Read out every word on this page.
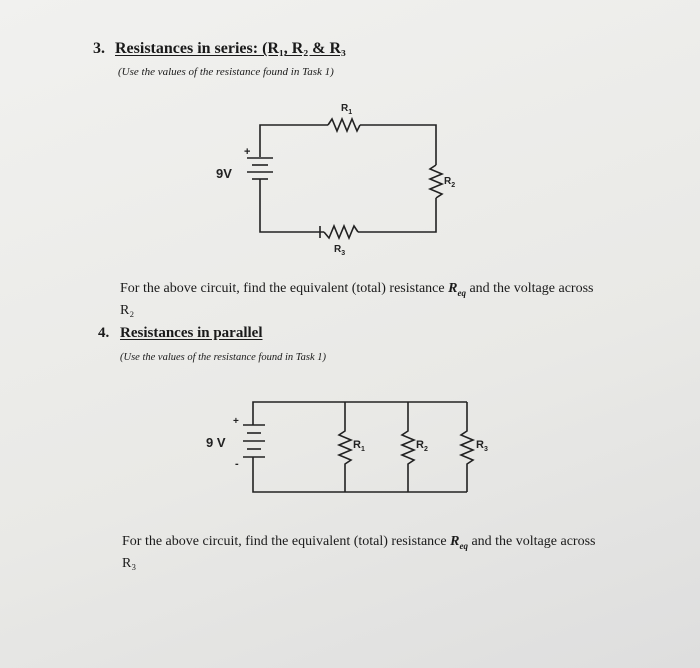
3. Resistances in series: (R₁, R₂ & R₃
(Use the values of the resistance found in Task 1)
+
9V
$R_1$
$R_2$
$R_3$
For the above circuit, find the equivalent (total) resistance $R_{eq}$ and the voltage across
R₂
4. Resistances in parallel
(Use the values of the resistance found in Task 1)
+
9 V
-
$R_1$	$R_2$	$R_3$
For the above circuit, find the equivalent (total) resistance $R_{eq}$ and the voltage across
R₃
